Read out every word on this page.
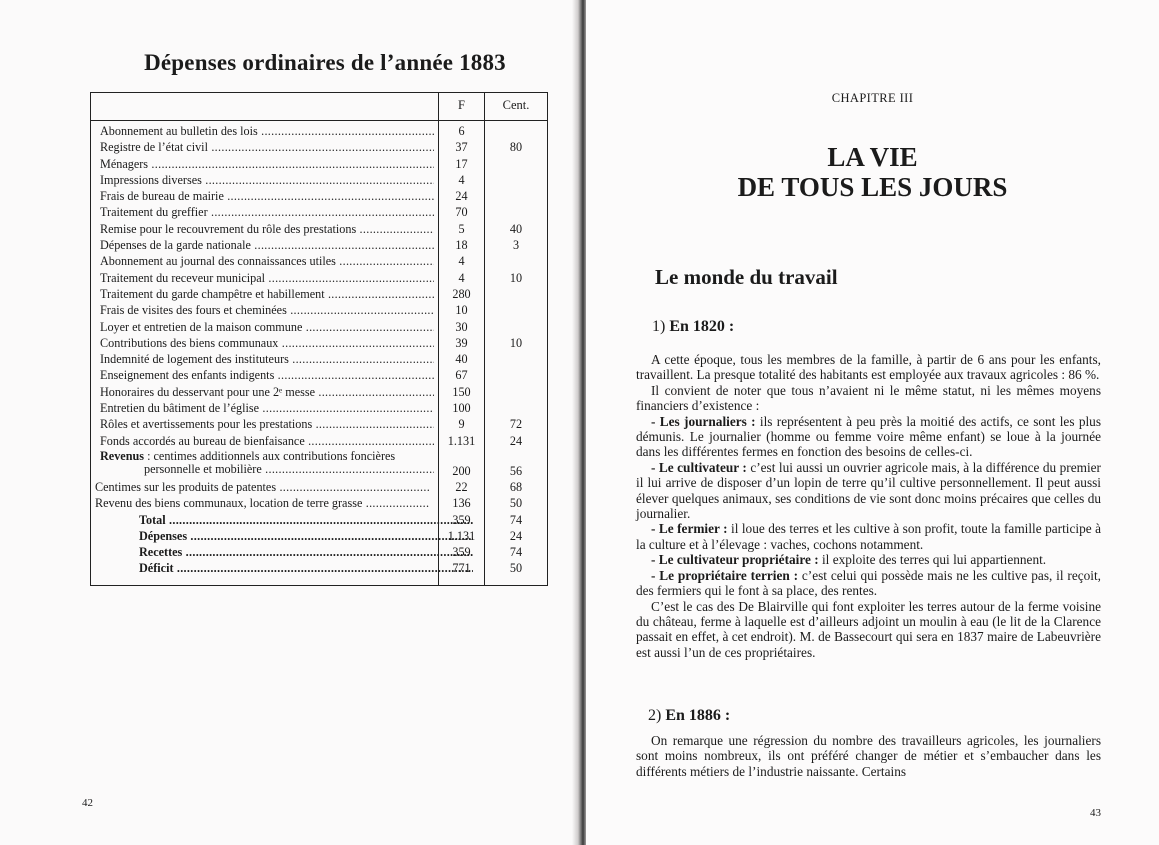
Dépenses ordinaires de l’année 1883
F	Cent.
Abonnement au bulletin des lois .....	6
Registre de l’état civil .....	37	80
Ménagers .....	17
Impressions diverses .....	4
Frais de bureau de mairie .....	24
Traitement du greffier .....	70
Remise pour le recouvrement du rôle des prestations .....	5	40
Dépenses de la garde nationale .....	18	3
Abonnement au journal des connaissances utiles .....	4
Traitement du receveur municipal .....	4	10
Traitement du garde champêtre et habillement .....	280
Frais de visites des fours et cheminées .....	10
Loyer et entretien de la maison commune .....	30
Contributions des biens communaux .....	39	10
Indemnité de logement des instituteurs .....	40
Enseignement des enfants indigents .....	67
Honoraires du desservant pour une 2ᵉ messe .....	150
Entretien du bâtiment de l’église .....	100
Rôles et avertissements pour les prestations .....	9	72
Fonds accordés au bureau de bienfaisance .....	1.131	24
Revenus : centimes additionnels aux contributions foncières
personnelle et mobilière .....	200	56
Centimes sur les produits de patentes .....	22	68
Revenu des biens communaux, location de terre grasse .....	136	50
Total .....	359	74
Dépenses .....	1.131	24
Recettes .....	359	74
Déficit .....	771	50
42
CHAPITRE III
LA VIE
DE TOUS LES JOURS
Le monde du travail
1) En 1820 :

A cette époque, tous les membres de la famille, à partir de 6 ans pour les enfants, travaillent. La presque totalité des habitants est employée aux travaux agricoles : 86 %.

Il convient de noter que tous n’avaient ni le même statut, ni les mêmes moyens financiers d’existence :

- Les journaliers : ils représentent à peu près la moitié des actifs, ce sont les plus démunis. Le journalier (homme ou femme voire même enfant) se loue à la journée dans les différentes fermes en fonction des besoins de celles-ci.

- Le cultivateur : c’est lui aussi un ouvrier agricole mais, à la différence du premier il lui arrive de disposer d’un lopin de terre qu’il cultive personnellement. Il peut aussi élever quelques animaux, ses conditions de vie sont donc moins précaires que celles du journalier.

- Le fermier : il loue des terres et les cultive à son profit, toute la famille participe à la culture et à l’élevage : vaches, cochons notamment.

- Le cultivateur propriétaire : il exploite des terres qui lui appartiennent.

- Le propriétaire terrien : c’est celui qui possède mais ne les cultive pas, il reçoit, des fermiers qui le font à sa place, des rentes.

C’est le cas des De Blairville qui font exploiter les terres autour de la ferme voisine du château, ferme à laquelle est d’ailleurs adjoint un moulin à eau (le lit de la Clarence passait en effet, à cet endroit). M. de Bassecourt qui sera en 1837 maire de Labeuvrière est aussi l’un de ces propriétaires.

2) En 1886 :

On remarque une régression du nombre des travailleurs agricoles, les journaliers sont moins nombreux, ils ont préféré changer de métier et s’embaucher dans les différents métiers de l’industrie naissante. Certains

43
